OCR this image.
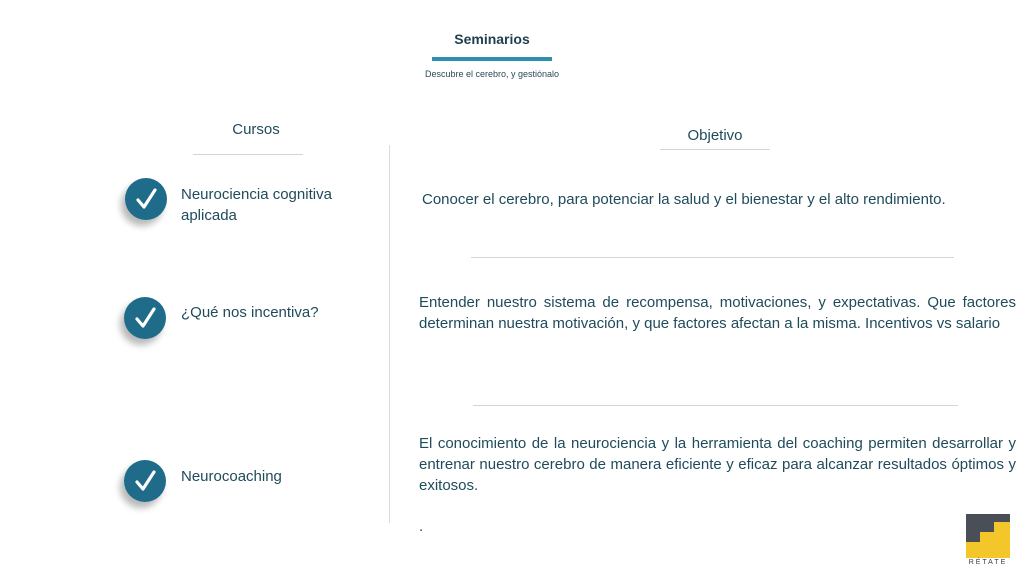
Seminarios
Descubre el cerebro, y gestiónalo
Cursos	Objetivo
Neurociencia cognitiva aplicada
¿Qué nos incentiva?
Neurocoaching
Conocer el cerebro, para potenciar la salud y el bienestar y el alto rendimiento.
Entender nuestro sistema de recompensa, motivaciones, y expectativas. Que factores determinan nuestra motivación, y que factores afectan a la misma. Incentivos vs salario
El conocimiento de la neurociencia y la herramienta del coaching permiten desarrollar y entrenar nuestro cerebro de manera eficiente y eficaz para alcanzar resultados óptimos y exitosos.
.
RÉTATE
